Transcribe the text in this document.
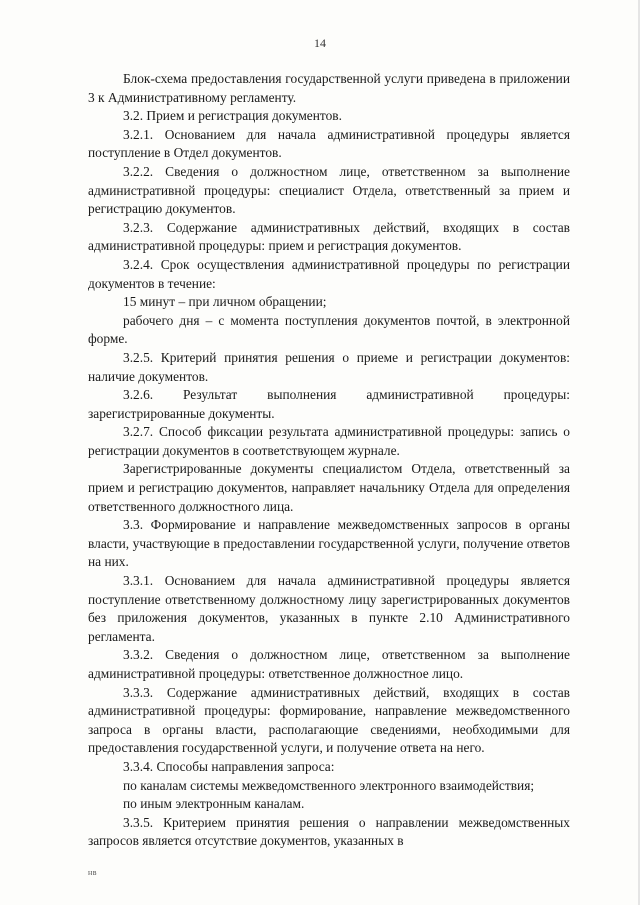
14

Блок-схема предоставления государственной услуги приведена в приложении 3 к Административному регламенту.

3.2. Прием и регистрация документов.

3.2.1. Основанием для начала административной процедуры является поступление в Отдел документов.

3.2.2. Сведения о должностном лице, ответственном за выполнение административной процедуры: специалист Отдела, ответственный за прием и регистрацию документов.

3.2.3. Содержание административных действий, входящих в состав административной процедуры: прием и регистрация документов.

3.2.4. Срок осуществления административной процедуры по регистрации документов в течение:

15 минут – при личном обращении;

рабочего дня – с момента поступления документов почтой, в электронной форме.

3.2.5. Критерий принятия решения о приеме и регистрации документов: наличие документов.

3.2.6. Результат выполнения административной процедуры: зарегистрированные документы.

3.2.7. Способ фиксации результата административной процедуры: запись о регистрации документов в соответствующем журнале.

Зарегистрированные документы специалистом Отдела, ответственный за прием и регистрацию документов, направляет начальнику Отдела для определения ответственного должностного лица.

3.3. Формирование и направление межведомственных запросов в органы власти, участвующие в предоставлении государственной услуги, получение ответов на них.

3.3.1. Основанием для начала административной процедуры является поступление ответственному должностному лицу зарегистрированных документов без приложения документов, указанных в пункте 2.10 Административного регламента.

3.3.2. Сведения о должностном лице, ответственном за выполнение административной процедуры: ответственное должностное лицо.

3.3.3. Содержание административных действий, входящих в состав административной процедуры: формирование, направление межведомственного запроса в органы власти, располагающие сведениями, необходимыми для предоставления государственной услуги, и получение ответа на него.

3.3.4. Способы направления запроса:

по каналам системы межведомственного электронного взаимодействия;

по иным электронным каналам.

3.3.5. Критерием принятия решения о направлении межведомственных запросов является отсутствие документов, указанных в

нв
